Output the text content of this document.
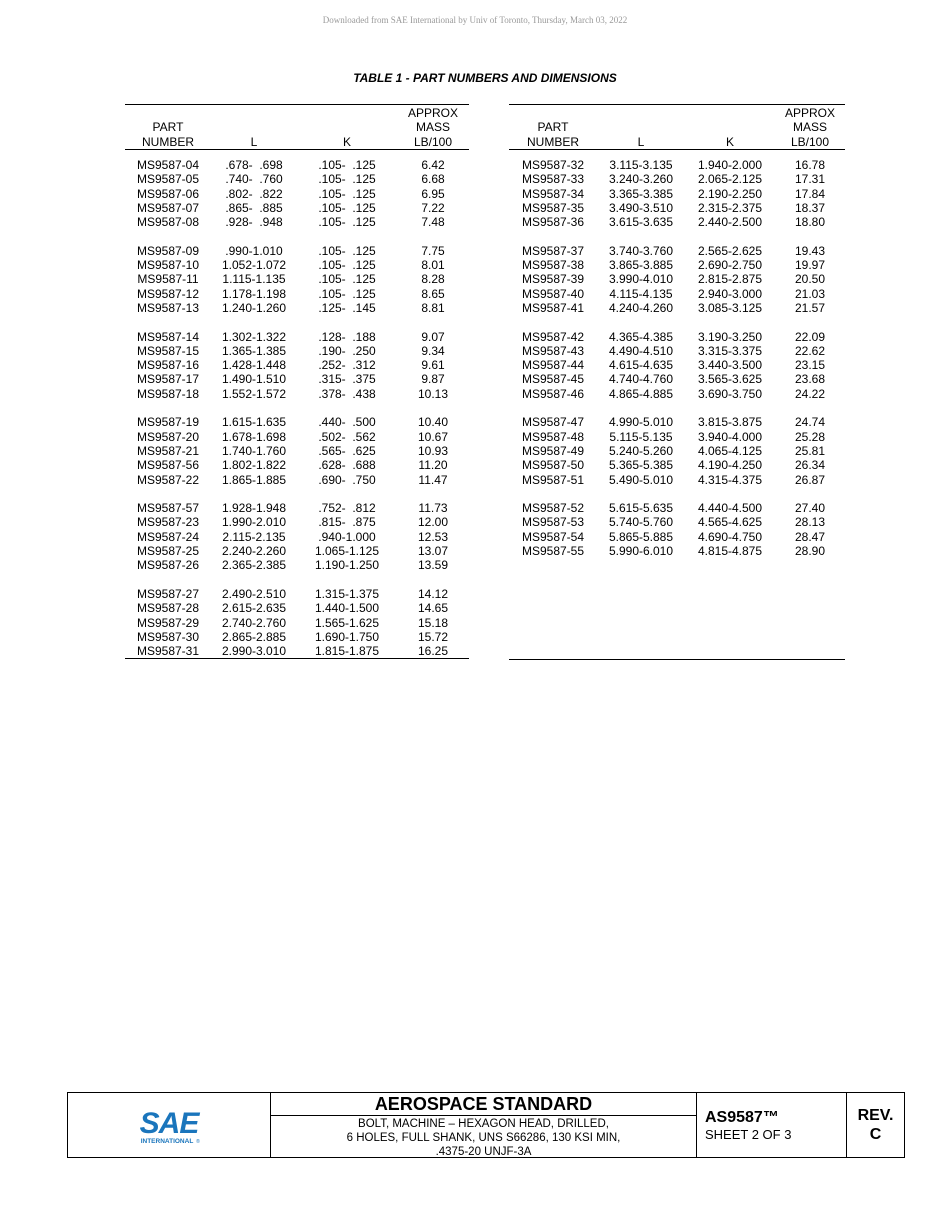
Downloaded from SAE International by Univ of Toronto, Thursday, March 03, 2022
TABLE 1 - PART NUMBERS AND DIMENSIONS
PART
NUMBER	L	K	APPROX
MASS
LB/100

MS9587-04	.678-  .698	.105-  .125	6.42
MS9587-05	.740-  .760	.105-  .125	6.68
MS9587-06	.802-  .822	.105-  .125	6.95
MS9587-07	.865-  .885	.105-  .125	7.22
MS9587-08	.928-  .948	.105-  .125	7.48

MS9587-09	.990-1.010	.105-  .125	7.75
MS9587-10	1.052-1.072	.105-  .125	8.01
MS9587-11	1.115-1.135	.105-  .125	8.28
MS9587-12	1.178-1.198	.105-  .125	8.65
MS9587-13	1.240-1.260	.125-  .145	8.81

MS9587-14	1.302-1.322	.128-  .188	9.07
MS9587-15	1.365-1.385	.190-  .250	9.34
MS9587-16	1.428-1.448	.252-  .312	9.61
MS9587-17	1.490-1.510	.315-  .375	9.87
MS9587-18	1.552-1.572	.378-  .438	10.13

MS9587-19	1.615-1.635	.440-  .500	10.40
MS9587-20	1.678-1.698	.502-  .562	10.67
MS9587-21	1.740-1.760	.565-  .625	10.93
MS9587-56	1.802-1.822	.628-  .688	11.20
MS9587-22	1.865-1.885	.690-  .750	11.47

MS9587-57	1.928-1.948	.752-  .812	11.73
MS9587-23	1.990-2.010	.815-  .875	12.00
MS9587-24	2.115-2.135	.940-1.000	12.53
MS9587-25	2.240-2.260	1.065-1.125	13.07
MS9587-26	2.365-2.385	1.190-1.250	13.59

MS9587-27	2.490-2.510	1.315-1.375	14.12
MS9587-28	2.615-2.635	1.440-1.500	14.65
MS9587-29	2.740-2.760	1.565-1.625	15.18
MS9587-30	2.865-2.885	1.690-1.750	15.72
MS9587-31	2.990-3.010	1.815-1.875	16.25

PART
NUMBER	L	K	APPROX
MASS
LB/100

MS9587-32	3.115-3.135	1.940-2.000	16.78
MS9587-33	3.240-3.260	2.065-2.125	17.31
MS9587-34	3.365-3.385	2.190-2.250	17.84
MS9587-35	3.490-3.510	2.315-2.375	18.37
MS9587-36	3.615-3.635	2.440-2.500	18.80

MS9587-37	3.740-3.760	2.565-2.625	19.43
MS9587-38	3.865-3.885	2.690-2.750	19.97
MS9587-39	3.990-4.010	2.815-2.875	20.50
MS9587-40	4.115-4.135	2.940-3.000	21.03
MS9587-41	4.240-4.260	3.085-3.125	21.57

MS9587-42	4.365-4.385	3.190-3.250	22.09
MS9587-43	4.490-4.510	3.315-3.375	22.62
MS9587-44	4.615-4.635	3.440-3.500	23.15
MS9587-45	4.740-4.760	3.565-3.625	23.68
MS9587-46	4.865-4.885	3.690-3.750	24.22

MS9587-47	4.990-5.010	3.815-3.875	24.74
MS9587-48	5.115-5.135	3.940-4.000	25.28
MS9587-49	5.240-5.260	4.065-4.125	25.81
MS9587-50	5.365-5.385	4.190-4.250	26.34
MS9587-51	5.490-5.010	4.315-4.375	26.87

MS9587-52	5.615-5.635	4.440-4.500	27.40
MS9587-53	5.740-5.760	4.565-4.625	28.13
MS9587-54	5.865-5.885	4.690-4.750	28.47
MS9587-55	5.990-6.010	4.815-4.875	28.90

SAE
INTERNATIONAL ®
AEROSPACE STANDARD
BOLT, MACHINE – HEXAGON HEAD, DRILLED,
6 HOLES, FULL SHANK, UNS S66286, 130 KSI MIN,
.4375-20 UNJF-3A
AS9587™
SHEET 2 OF 3
REV.
C
